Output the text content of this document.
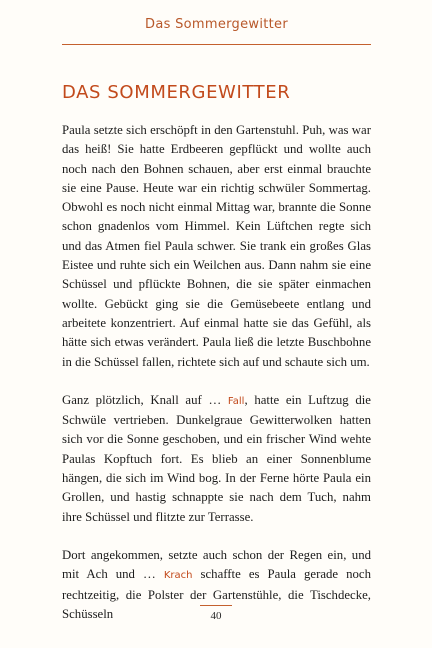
Das Sommergewitter
DAS SOMMERGEWITTER

Paula setzte sich erschöpft in den Gartenstuhl. Puh, was war das heiß! Sie hatte Erdbeeren gepflückt und wollte auch noch nach den Bohnen schauen, aber erst einmal brauchte sie eine Pause. Heute war ein richtig schwüler Sommertag. Obwohl es noch nicht einmal Mittag war, brannte die Sonne schon gnadenlos vom Himmel. Kein Lüftchen regte sich und das Atmen fiel Paula schwer. Sie trank ein großes Glas Eistee und ruhte sich ein Weilchen aus. Dann nahm sie eine Schüssel und pflückte Bohnen, die sie später einmachen wollte. Gebückt ging sie die Gemüsebeete entlang und arbeitete konzentriert. Auf einmal hatte sie das Gefühl, als hätte sich etwas verändert. Paula ließ die letzte Buschbohne in die Schüssel fallen, richtete sich auf und schaute sich um.

Ganz plötzlich, Knall auf … Fall, hatte ein Luftzug die Schwüle vertrieben. Dunkelgraue Gewitterwolken hatten sich vor die Sonne geschoben, und ein frischer Wind wehte Paulas Kopftuch fort. Es blieb an einer Sonnenblume hängen, die sich im Wind bog. In der Ferne hörte Paula ein Grollen, und hastig schnappte sie nach dem Tuch, nahm ihre Schüssel und flitzte zur Terrasse.

Dort angekommen, setzte auch schon der Regen ein, und mit Ach und … Krach schaffte es Paula gerade noch rechtzeitig, die Polster der Gartenstühle, die Tischdecke, Schüsseln	40
